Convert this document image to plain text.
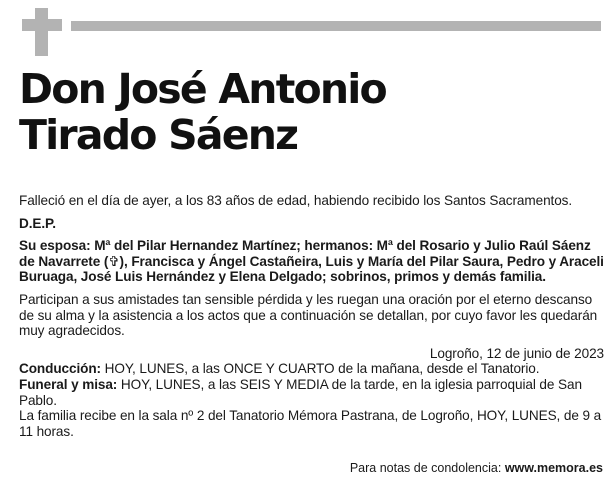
Don José Antonio
Tirado Sáenz

Falleció en el día de ayer, a los 83 años de edad, habiendo recibido los Santos Sacramentos.

D.E.P.

Su esposa: Mª del Pilar Hernandez Martínez; hermanos: Mª del Rosario y Julio Raúl Sáenz de Navarrete (✞), Francisca y Ángel Castañeira, Luis y María del Pilar Saura, Pedro y Araceli Buruaga, José Luis Hernández y Elena Delgado; sobrinos, primos y demás familia.

Participan a sus amistades tan sensible pérdida y les ruegan una oración por el eterno descanso de su alma y la asistencia a los actos que a continuación se detallan, por cuyo favor les quedarán muy agradecidos.

Logroño, 12 de junio de 2023

Conducción: HOY, LUNES, a las ONCE Y CUARTO de la mañana, desde el Tanatorio.

Funeral y misa: HOY, LUNES, a las SEIS Y MEDIA de la tarde, en la iglesia parroquial de San Pablo.

La familia recibe en la sala nº 2 del Tanatorio Mémora Pastrana, de Logroño, HOY, LUNES, de 9 a 11 horas.

Para notas de condolencia: www.memora.es
